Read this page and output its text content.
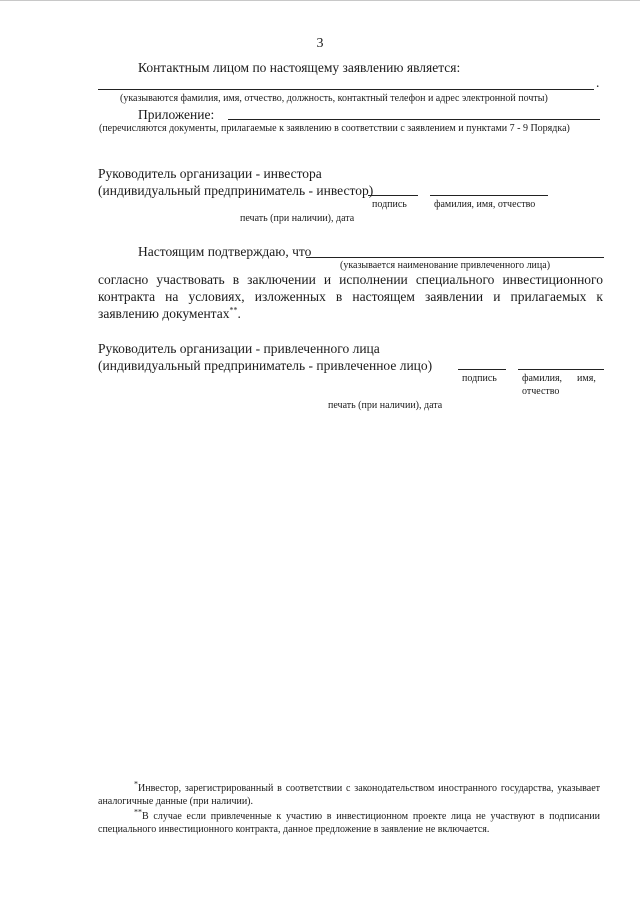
3
Контактным лицом по настоящему заявлению является:
.
(указываются фамилия, имя, отчество, должность, контактный телефон и адрес электронной почты)
Приложение:
(перечисляются документы, прилагаемые к заявлению в соответствии с заявлением и пунктами 7 - 9 Порядка)
Руководитель организации - инвестора
(индивидуальный предприниматель - инвестор)
подпись	фамилия, имя, отчество
печать (при наличии), дата
Настоящим подтверждаю, что
(указывается наименование привлеченного лица)
согласно участвовать в заключении и исполнении специального инвестиционного контракта на условиях, изложенных в настоящем заявлении и прилагаемых к заявлению документах**.
Руководитель организации - привлеченного лица
(индивидуальный предприниматель - привлеченное лицо)
подпись	фамилия,      имя,
отчество
печать (при наличии), дата
*Инвестор, зарегистрированный в соответствии с законодательством иностранного государства, указывает аналогичные данные (при наличии).
**В случае если привлеченные к участию в инвестиционном проекте лица не участвуют в подписании специального инвестиционного контракта, данное предложение в заявление не включается.
